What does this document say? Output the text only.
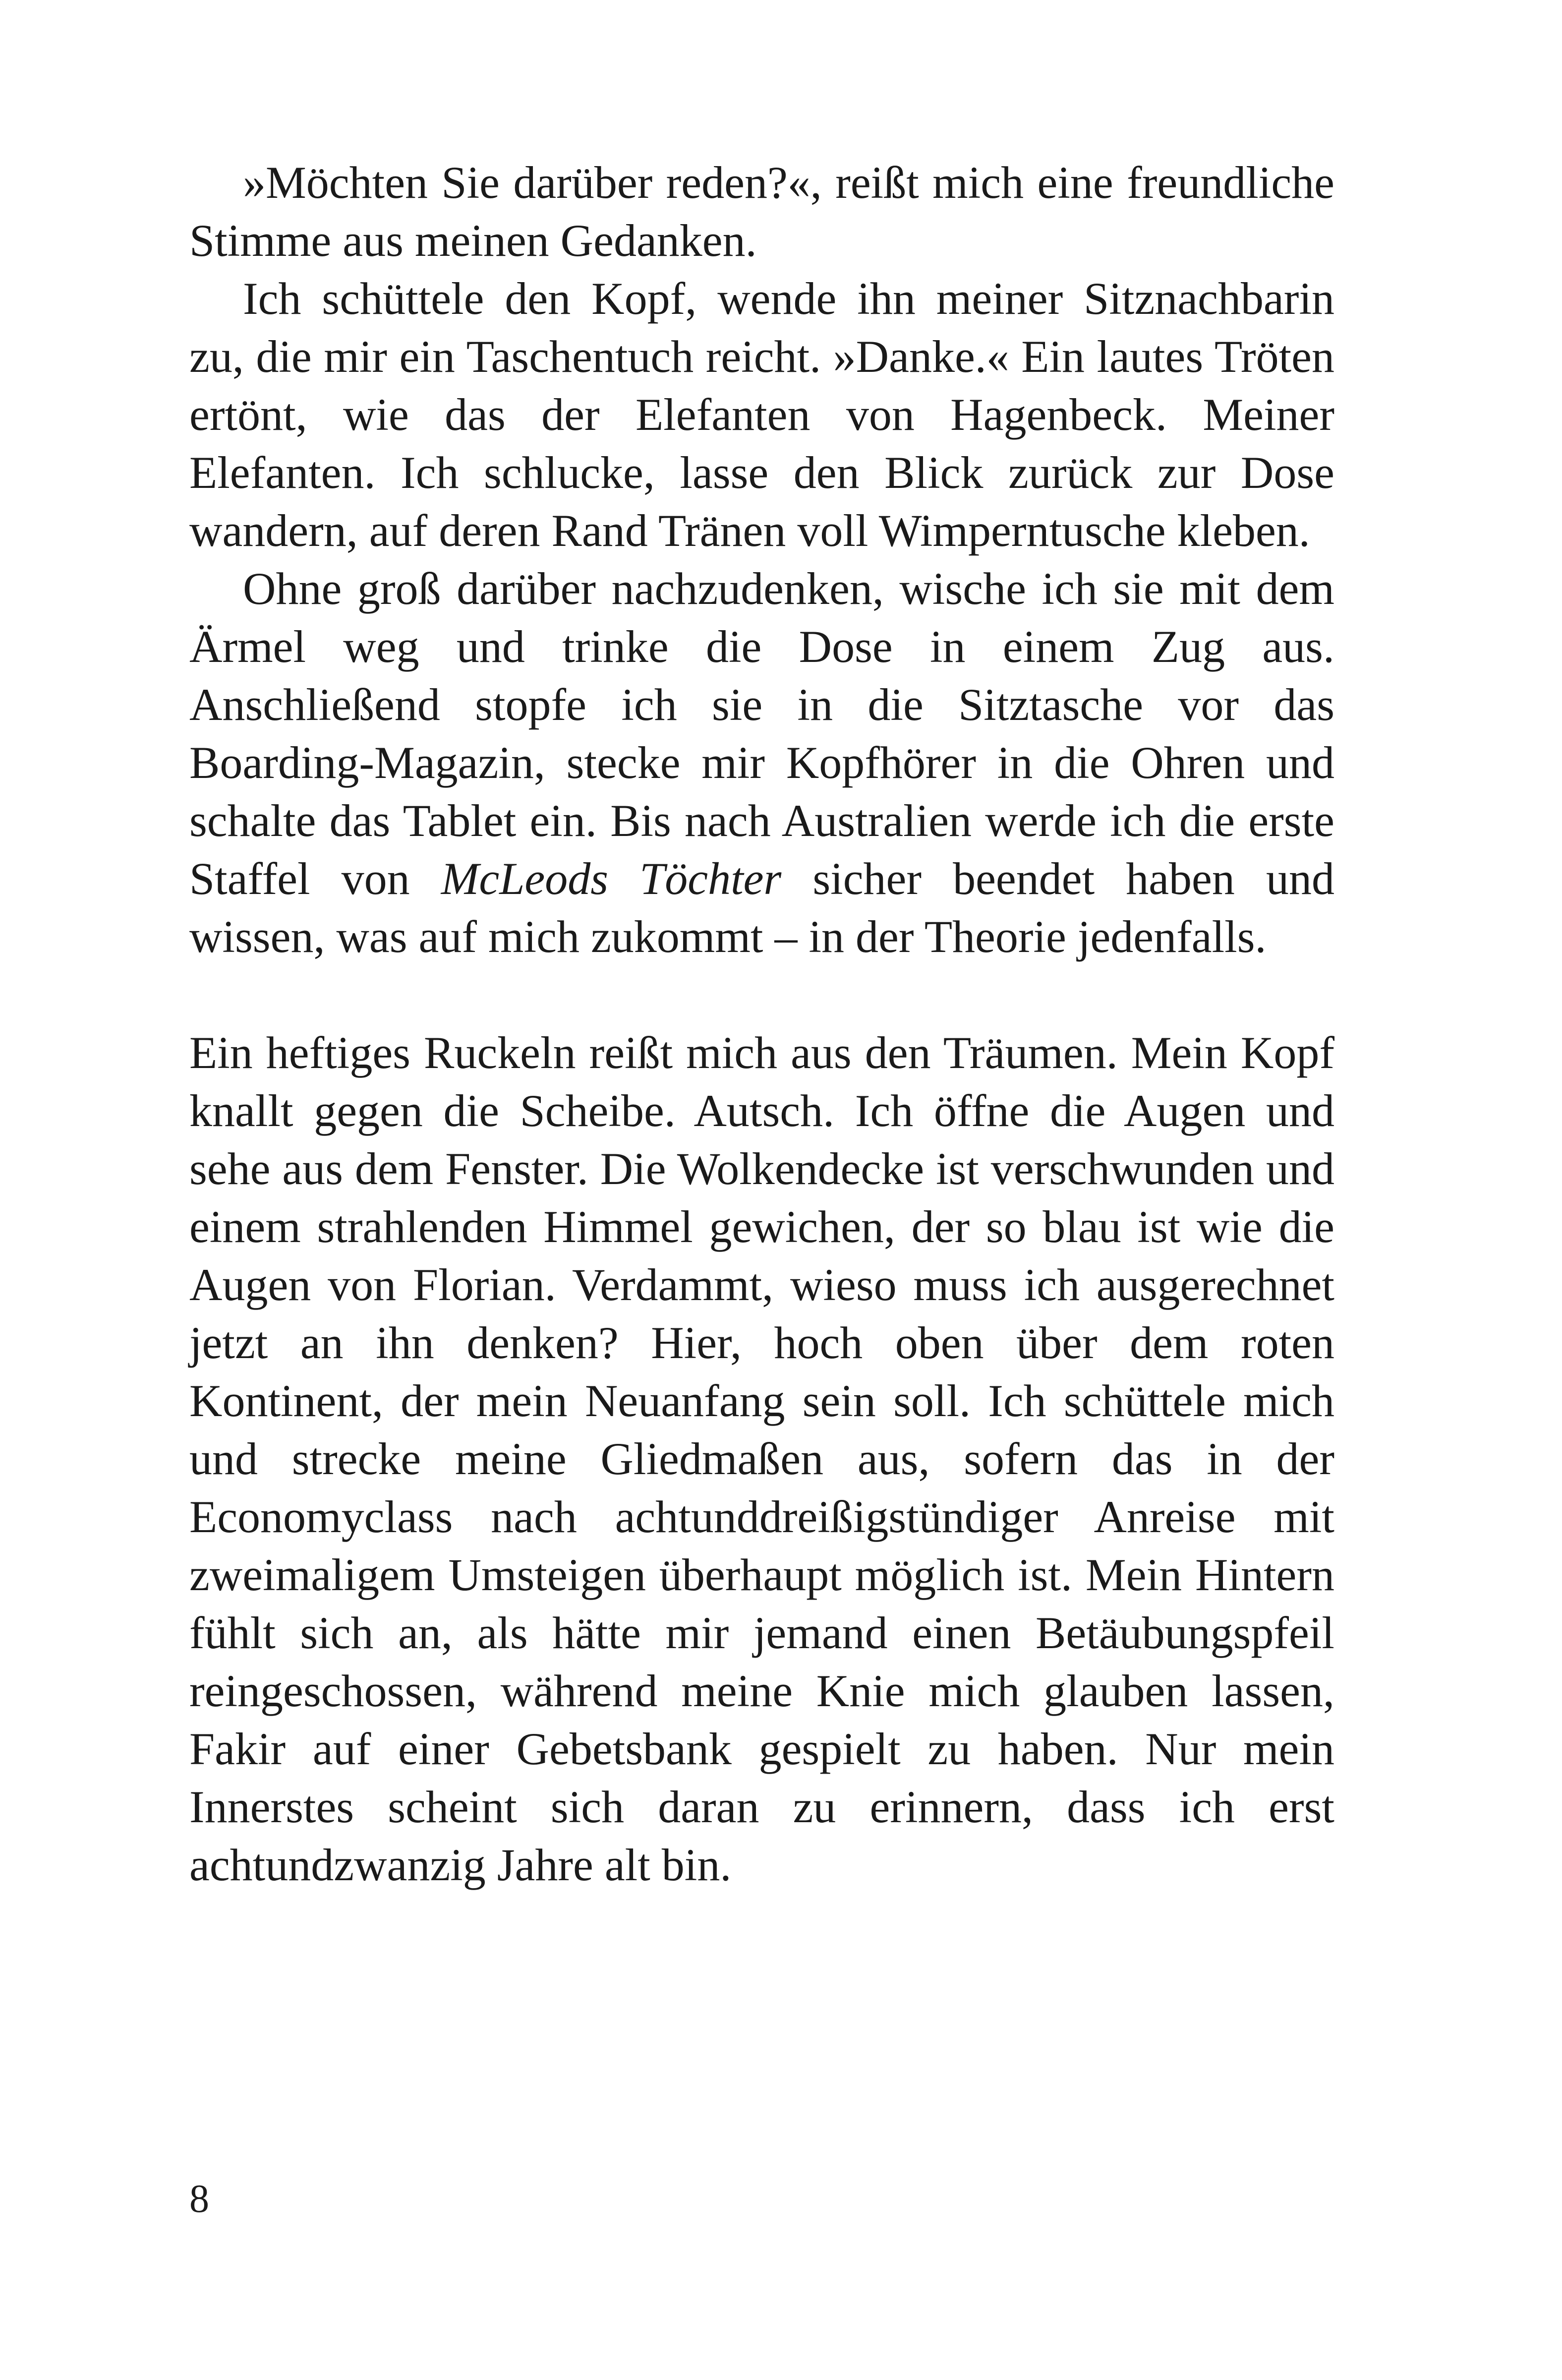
»Möchten Sie darüber reden?«, reißt mich eine freundliche Stimme aus meinen Gedanken.

Ich schüttele den Kopf, wende ihn meiner Sitznachbarin zu, die mir ein Taschentuch reicht. »Danke.« Ein lautes Tröten ertönt, wie das der Elefanten von Hagenbeck. Meiner Elefanten. Ich schlucke, lasse den Blick zurück zur Dose wandern, auf deren Rand Tränen voll Wimperntusche kleben.

Ohne groß darüber nachzudenken, wische ich sie mit dem Ärmel weg und trinke die Dose in einem Zug aus. Anschließend stopfe ich sie in die Sitztasche vor das Boarding-Magazin, stecke mir Kopfhörer in die Ohren und schalte das Tablet ein. Bis nach Australien werde ich die erste Staffel von McLeods Töchter sicher beendet haben und wissen, was auf mich zukommt – in der Theorie jedenfalls.

Ein heftiges Ruckeln reißt mich aus den Träumen. Mein Kopf knallt gegen die Scheibe. Autsch. Ich öffne die Augen und sehe aus dem Fenster. Die Wolkendecke ist verschwunden und einem strahlenden Himmel gewichen, der so blau ist wie die Augen von Florian. Verdammt, wieso muss ich ausgerechnet jetzt an ihn denken? Hier, hoch oben über dem roten Kontinent, der mein Neuanfang sein soll. Ich schüttele mich und strecke meine Gliedmaßen aus, sofern das in der Economyclass nach achtunddreißigstündiger Anreise mit zweimaligem Umsteigen überhaupt möglich ist. Mein Hintern fühlt sich an, als hätte mir jemand einen Betäubungspfeil reingeschossen, während meine Knie mich glauben lassen, Fakir auf einer Gebetsbank gespielt zu haben. Nur mein Innerstes scheint sich daran zu erinnern, dass ich erst achtundzwanzig Jahre alt bin.

8
